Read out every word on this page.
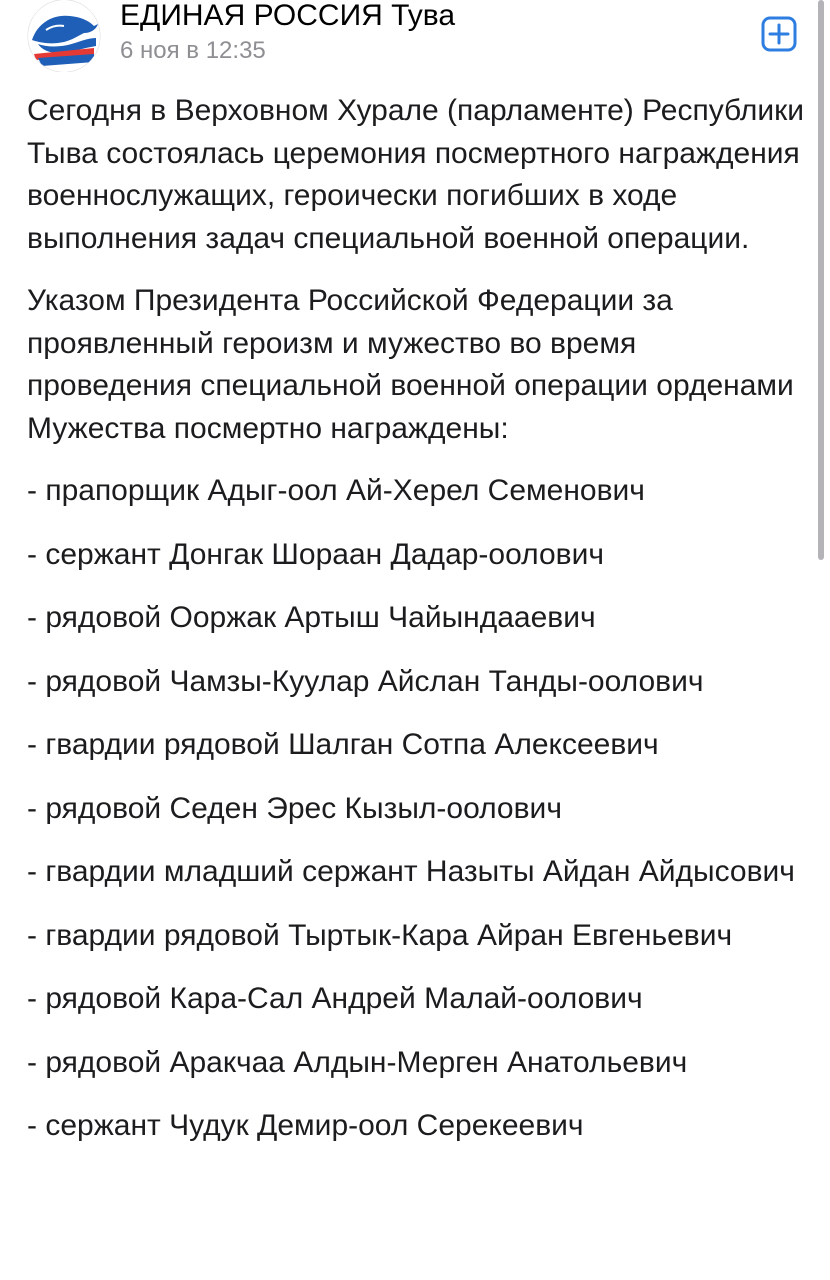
ЕДИНАЯ РОССИЯ Тува
6 ноя в 12:35

Сегодня в Верховном Хурале (парламенте) Республики Тыва состоялась церемония посмертного награждения военнослужащих, героически погибших в ходе выполнения задач специальной военной операции.

Указом Президента Российской Федерации за проявленный героизм и мужество во время проведения специальной военной операции орденами Мужества посмертно награждены:

- прапорщик Адыг-оол Ай-Херел Семенович

- сержант Донгак Шораан Дадар-оолович

- рядовой Ооржак Артыш Чайындааевич

- рядовой Чамзы-Куулар Айслан Танды-оолович

- гвардии рядовой Шалган Сотпа Алексеевич

- рядовой Седен Эрес Кызыл-оолович

- гвардии младший сержант Назыты Айдан Айдысович

- гвардии рядовой Тыртык-Кара Айран Евгеньевич

- рядовой Кара-Сал Андрей Малай-оолович

- рядовой Аракчаа Алдын-Мерген Анатольевич

- сержант Чудук Демир-оол Серекеевич
